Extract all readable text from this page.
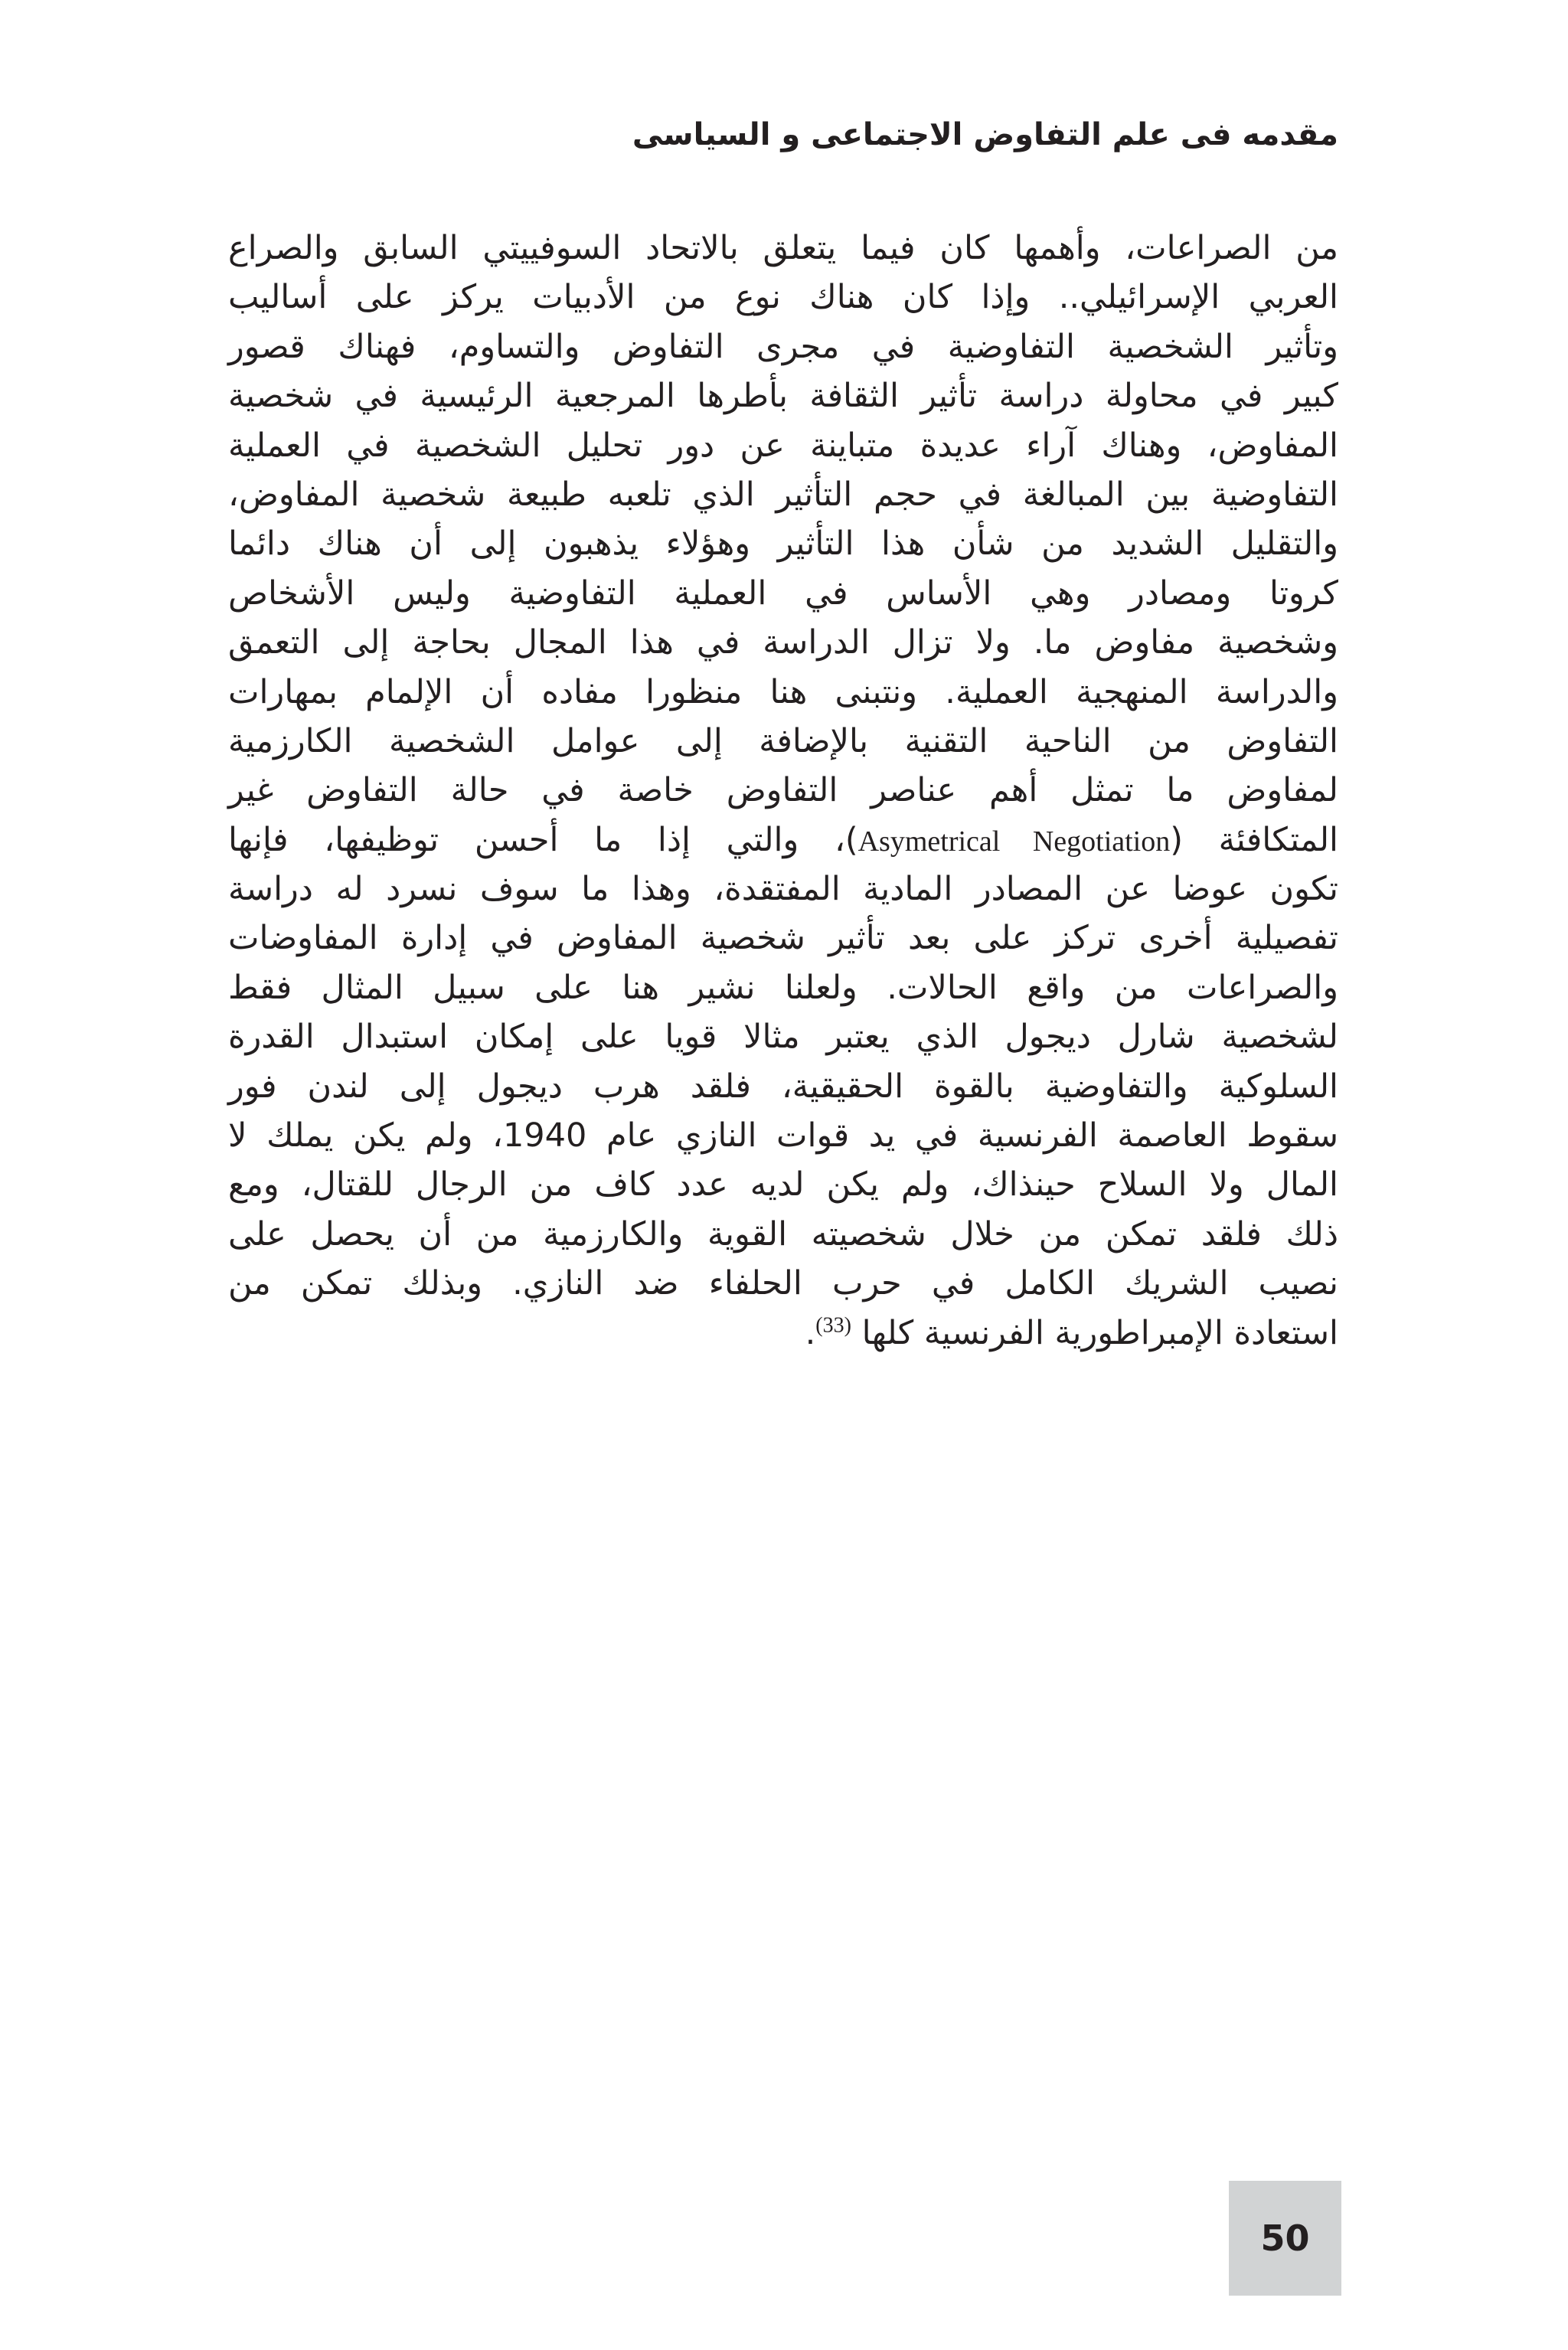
مقدمه فى علم التفاوض الاجتماعى و السياسى
من الصراعات، وأهمها كان فيما يتعلق بالاتحاد السوفييتي السابق والصراع
العربي الإسرائيلي.. وإذا كان هناك نوع من الأدبيات يركز على أساليب
وتأثير الشخصية التفاوضية في مجرى التفاوض والتساوم، فهناك قصور
كبير في محاولة دراسة تأثير الثقافة بأطرها المرجعية الرئيسية في شخصية
المفاوض، وهناك آراء عديدة متباينة عن دور تحليل الشخصية في العملية
التفاوضية بين المبالغة في حجم التأثير الذي تلعبه طبيعة شخصية المفاوض،
والتقليل الشديد من شأن هذا التأثير وهؤلاء يذهبون إلى أن هناك دائما
كروتا ومصادر وهي الأساس في العملية التفاوضية وليس الأشخاص
وشخصية مفاوض ما. ولا تزال الدراسة في هذا المجال بحاجة إلى التعمق
والدراسة المنهجية العملية. ونتبنى هنا منظورا مفاده أن الإلمام بمهارات
التفاوض من الناحية التقنية بالإضافة إلى عوامل الشخصية الكارزمية
لمفاوض ما تمثل أهم عناصر التفاوض خاصة في حالة التفاوض غير
المتكافئة (Asymetrical Negotiation)، والتي إذا ما أحسن توظيفها، فإنها
تكون عوضا عن المصادر المادية المفتقدة، وهذا ما سوف نسرد له دراسة
تفصيلية أخرى تركز على بعد تأثير شخصية المفاوض في إدارة المفاوضات
والصراعات من واقع الحالات. ولعلنا نشير هنا على سبيل المثال فقط
لشخصية شارل ديجول الذي يعتبر مثالا قويا على إمكان استبدال القدرة
السلوكية والتفاوضية بالقوة الحقيقية، فلقد هرب ديجول إلى لندن فور
سقوط العاصمة الفرنسية في يد قوات النازي عام 1940، ولم يكن يملك لا
المال ولا السلاح حينذاك، ولم يكن لديه عدد كاف من الرجال للقتال، ومع
ذلك فلقد تمكن من خلال شخصيته القوية والكارزمية من أن يحصل على
نصيب الشريك الكامل في حرب الحلفاء ضد النازي. وبذلك تمكن من
استعادة الإمبراطورية الفرنسية كلها $^{(33)}$.
50
